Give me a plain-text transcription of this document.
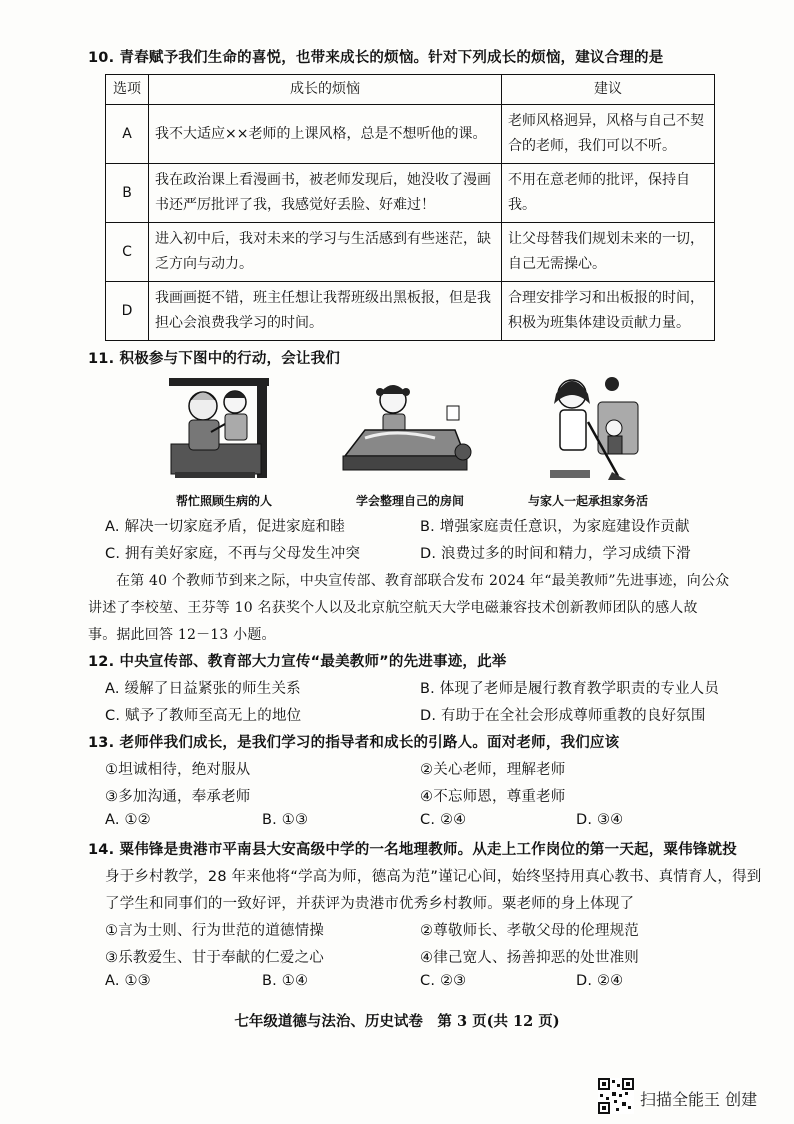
10. 青春赋予我们生命的喜悦，也带来成长的烦恼。针对下列成长的烦恼，建议合理的是
选项	成长的烦恼	建议
A	我不大适应××老师的上课风格，总是不想听他的课。	老师风格迥异，风格与自己不契合的老师，我们可以不听。
B	我在政治课上看漫画书，被老师发现后，她没收了漫画书还严厉批评了我，我感觉好丢脸、好难过！	不用在意老师的批评，保持自我。
C	进入初中后，我对未来的学习与生活感到有些迷茫，缺乏方向与动力。	让父母替我们规划未来的一切，自己无需操心。
D	我画画挺不错，班主任想让我帮班级出黑板报，但是我担心会浪费我学习的时间。	合理安排学习和出板报的时间，积极为班集体建设贡献力量。
11. 积极参与下图中的行动，会让我们
帮忙照顾生病的人	学会整理自己的房间	与家人一起承担家务活
A. 解决一切家庭矛盾，促进家庭和睦	B. 增强家庭责任意识，为家庭建设作贡献
C. 拥有美好家庭，不再与父母发生冲突	D. 浪费过多的时间和精力，学习成绩下滑
在第 40 个教师节到来之际，中央宣传部、教育部联合发布 2024 年“最美教师”先进事迹，向公众
讲述了李校堃、王芬等 10 名获奖个人以及北京航空航天大学电磁兼容技术创新教师团队的感人故
事。据此回答 12－13 小题。
12. 中央宣传部、教育部大力宣传“最美教师”的先进事迹，此举
A. 缓解了日益紧张的师生关系	B. 体现了老师是履行教育教学职责的专业人员
C. 赋予了教师至高无上的地位	D. 有助于在全社会形成尊师重教的良好氛围
13. 老师伴我们成长，是我们学习的指导者和成长的引路人。面对老师，我们应该
①坦诚相待，绝对服从	②关心老师，理解老师
③多加沟通，奉承老师	④不忘师恩，尊重老师
A. ①②	B. ①③	C. ②④	D. ③④
14. 粟伟锋是贵港市平南县大安高级中学的一名地理教师。从走上工作岗位的第一天起，粟伟锋就投
身于乡村教学，28 年来他将“学高为师，德高为范”谨记心间，始终坚持用真心教书、真情育人，得到
了学生和同事们的一致好评，并获评为贵港市优秀乡村教师。粟老师的身上体现了
①言为士则、行为世范的道德情操	②尊敬师长、孝敬父母的伦理规范
③乐教爱生、甘于奉献的仁爱之心	④律己宽人、扬善抑恶的处世准则
A. ①③	B. ①④	C. ②③	D. ②④
七年级道德与法治、历史试卷　第 3 页(共 12 页)
扫描全能王 创建
